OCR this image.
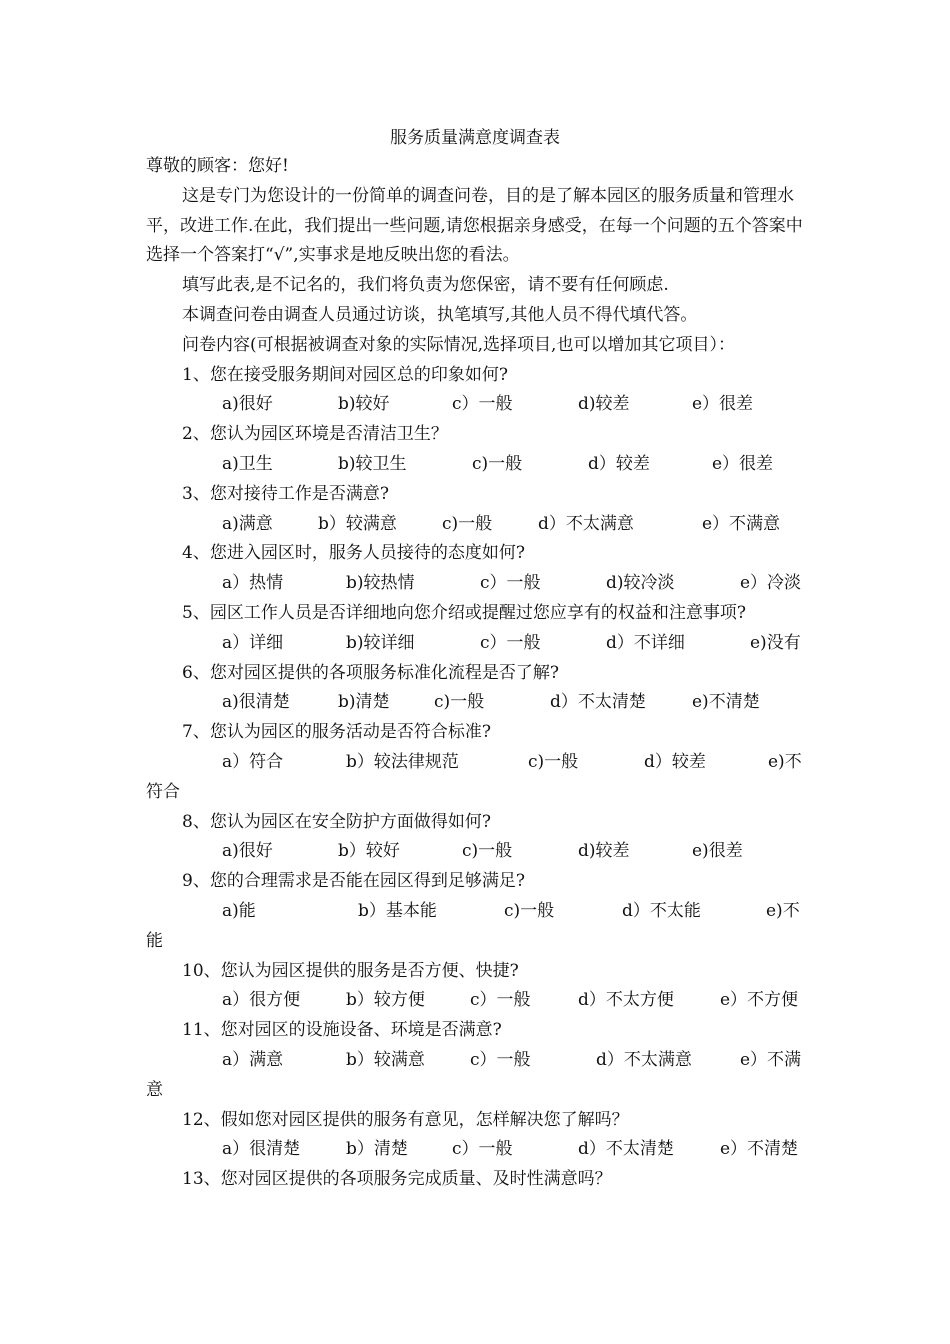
服务质量满意度调查表

尊敬的顾客：您好!

这是专门为您设计的一份简单的调查问卷，目的是了解本园区的服务质量和管理水平，改进工作.在此，我们提出一些问题,请您根据亲身感受，在每一个问题的五个答案中选择一个答案打“√”,实事求是地反映出您的看法。

填写此表,是不记名的，我们将负责为您保密，请不要有任何顾虑.

本调查问卷由调查人员通过访谈，执笔填写,其他人员不得代填代答。

问卷内容(可根据被调查对象的实际情况,选择项目,也可以增加其它项目）：

1、您在接受服务期间对园区总的印象如何?

a)很好	b)较好	c）一般	d)较差	e）很差

2、您认为园区环境是否清洁卫生？

a)卫生	b)较卫生	c)一般	d）较差	e）很差

3、您对接待工作是否满意?

a)满意	b）较满意	c)一般	d）不太满意	e）不满意

4、您进入园区时，服务人员接待的态度如何?

a）热情	b)较热情	c）一般	d)较冷淡	e）冷淡

5、园区工作人员是否详细地向您介绍或提醒过您应享有的权益和注意事项?

a）详细	b)较详细	c）一般	d）不详细	e)没有

6、您对园区提供的各项服务标准化流程是否了解?

a)很清楚	b)清楚	c)一般	d）不太清楚	e)不清楚

7、您认为园区的服务活动是否符合标准?

a）符合	b）较法律规范	c)一般	d）较差	e)不

符合

8、您认为园区在安全防护方面做得如何?

a)很好	b）较好	c)一般	d)较差	e)很差

9、您的合理需求是否能在园区得到足够满足?

a)能	b）基本能	c)一般	d）不太能	e)不

能

10、您认为园区提供的服务是否方便、快捷?

a）很方便	b）较方便	c）一般	d）不太方便	e）不方便

11、您对园区的设施设备、环境是否满意?

a）满意	b）较满意	c）一般	d）不太满意	e）不满

意

12、假如您对园区提供的服务有意见，怎样解决您了解吗？

a）很清楚	b）清楚	c）一般	d）不太清楚	e）不清楚

13、您对园区提供的各项服务完成质量、及时性满意吗？
